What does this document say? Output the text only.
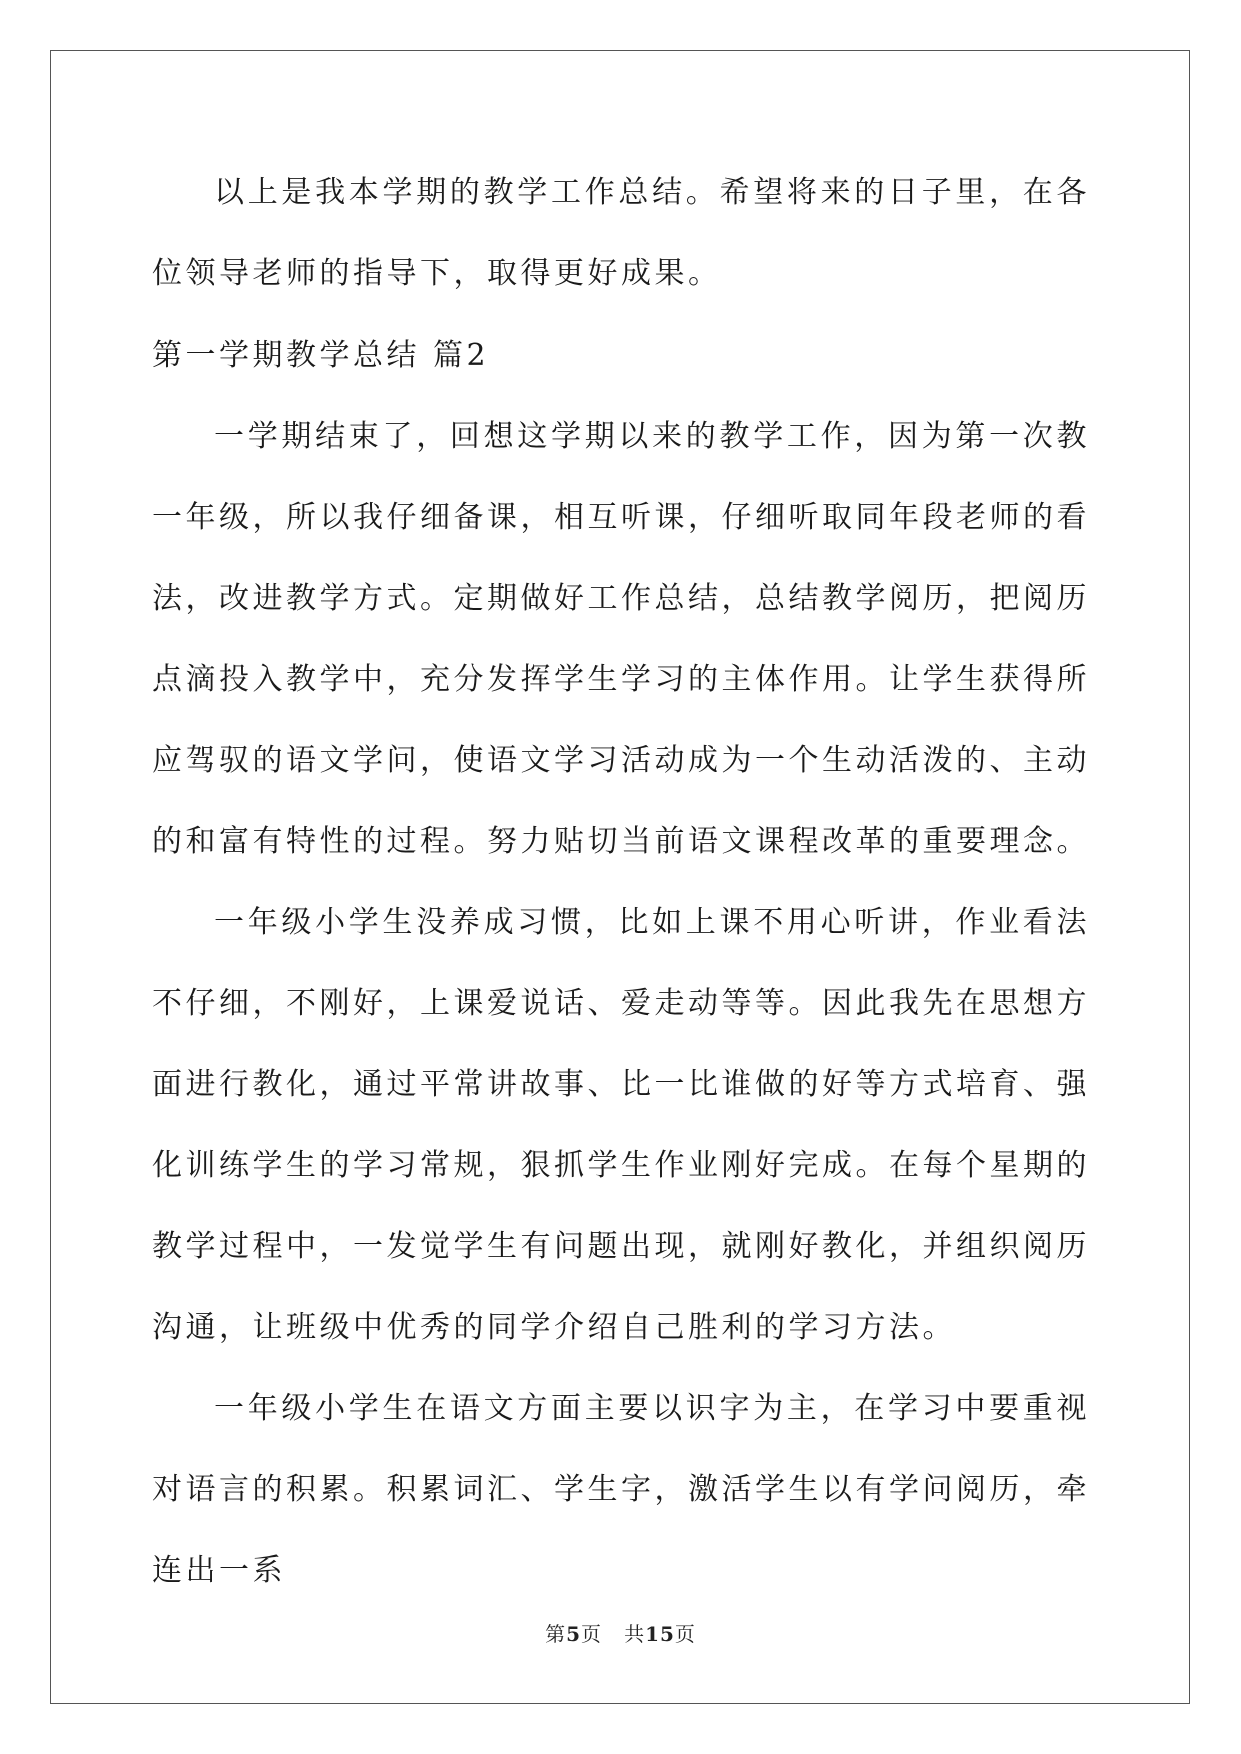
以上是我本学期的教学工作总结。希望将来的日子里，在各位领导老师的指导下，取得更好成果。

第一学期教学总结 篇2

一学期结束了，回想这学期以来的教学工作，因为第一次教一年级，所以我仔细备课，相互听课，仔细听取同年段老师的看法，改进教学方式。定期做好工作总结，总结教学阅历，把阅历点滴投入教学中，充分发挥学生学习的主体作用。让学生获得所应驾驭的语文学问，使语文学习活动成为一个生动活泼的、主动的和富有特性的过程。努力贴切当前语文课程改革的重要理念。

一年级小学生没养成习惯，比如上课不用心听讲，作业看法不仔细，不刚好，上课爱说话、爱走动等等。因此我先在思想方面进行教化，通过平常讲故事、比一比谁做的好等方式培育、强化训练学生的学习常规，狠抓学生作业刚好完成。在每个星期的教学过程中，一发觉学生有问题出现，就刚好教化，并组织阅历沟通，让班级中优秀的同学介绍自己胜利的学习方法。

一年级小学生在语文方面主要以识字为主，在学习中要重视对语言的积累。积累词汇、学生字，激活学生以有学问阅历，牵连出一系

第5页 共15页
